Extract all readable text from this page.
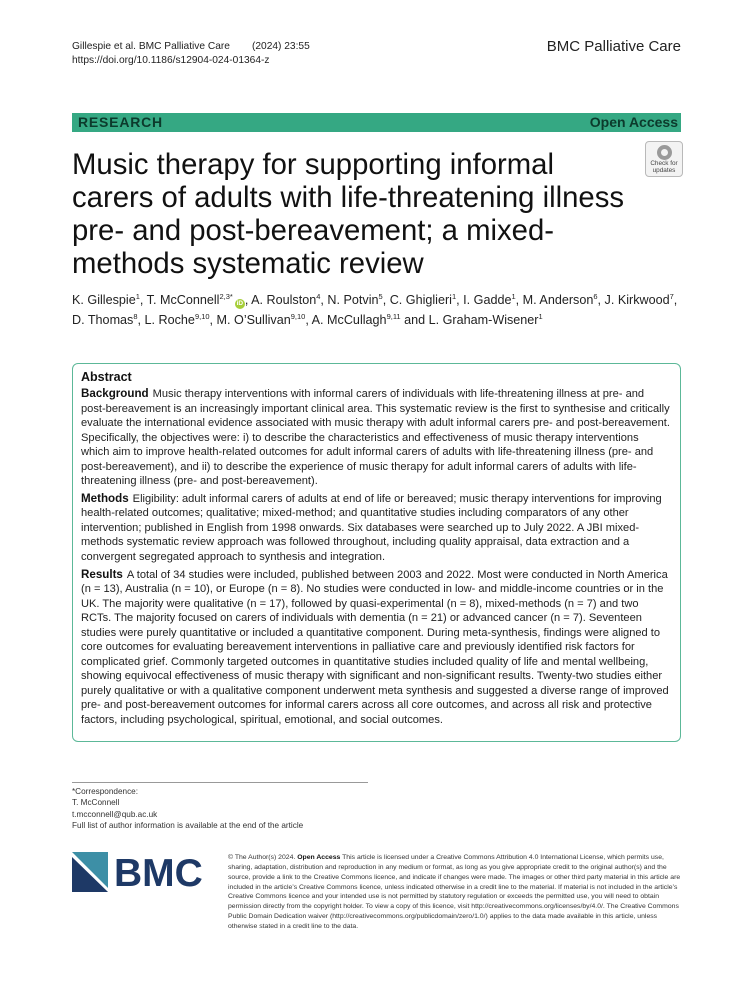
Gillespie et al. BMC Palliative Care (2024) 23:55
https://doi.org/10.1186/s12904-024-01364-z
BMC Palliative Care
RESEARCH	Open Access
Music therapy for supporting informal carers of adults with life-threatening illness pre- and post-bereavement; a mixed-methods systematic review
Check for
updates
K. Gillespie$^1$, T. McConnell$^{2,3*}$iD , A. Roulston$^4$, N. Potvin$^5$, C. Ghiglieri$^1$, I. Gadde$^1$, M. Anderson$^6$, J. Kirkwood$^7$, D. Thomas$^8$, L. Roche$^{9,10}$, M. O’Sullivan$^{9,10}$, A. McCullagh$^{9,11}$ and L. Graham-Wisener$^1$
Abstract

Background Music therapy interventions with informal carers of individuals with life-threatening illness at pre- and post-bereavement is an increasingly important clinical area. This systematic review is the first to synthesise and critically evaluate the international evidence associated with music therapy with adult informal carers pre- and post-bereavement. Specifically, the objectives were: i) to describe the characteristics and effectiveness of music therapy interventions which aim to improve health-related outcomes for adult informal carers of adults with life-threatening illness (pre- and post-bereavement), and ii) to describe the experience of music therapy for adult informal carers of adults with life-threatening illness (pre- and post-bereavement).

Methods Eligibility: adult informal carers of adults at end of life or bereaved; music therapy interventions for improving health-related outcomes; qualitative; mixed-method; and quantitative studies including comparators of any other intervention; published in English from 1998 onwards. Six databases were searched up to July 2022. A JBI mixed-methods systematic review approach was followed throughout, including quality appraisal, data extraction and a convergent segregated approach to synthesis and integration.

Results A total of 34 studies were included, published between 2003 and 2022. Most were conducted in North America (n = 13), Australia (n = 10), or Europe (n = 8). No studies were conducted in low- and middle-income countries or in the UK. The majority were qualitative (n = 17), followed by quasi-experimental (n = 8), mixed-methods (n = 7) and two RCTs. The majority focused on carers of individuals with dementia (n = 21) or advanced cancer (n = 7). Seventeen studies were purely quantitative or included a quantitative component. During meta-synthesis, findings were aligned to core outcomes for evaluating bereavement interventions in palliative care and previously identified risk factors for complicated grief. Commonly targeted outcomes in quantitative studies included quality of life and mental wellbeing, showing equivocal effectiveness of music therapy with significant and non-significant results. Twenty-two studies either purely qualitative or with a qualitative component underwent meta synthesis and suggested a diverse range of improved pre- and post-bereavement outcomes for informal carers across all core outcomes, and across all risk and protective factors, including psychological, spiritual, emotional, and social outcomes.

*Correspondence:
T. McConnell
t.mcconnell@qub.ac.uk
Full list of author information is available at the end of the article
BMC	© The Author(s) 2024. Open Access This article is licensed under a Creative Commons Attribution 4.0 International License, which permits use, sharing, adaptation, distribution and reproduction in any medium or format, as long as you give appropriate credit to the original author(s) and the source, provide a link to the Creative Commons licence, and indicate if changes were made. The images or other third party material in this article are included in the article’s Creative Commons licence, unless indicated otherwise in a credit line to the material. If material is not included in the article’s Creative Commons licence and your intended use is not permitted by statutory regulation or exceeds the permitted use, you will need to obtain permission directly from the copyright holder. To view a copy of this licence, visit http://creativecommons.org/licenses/by/4.0/. The Creative Commons Public Domain Dedication waiver (http://creativecommons.org/publicdomain/zero/1.0/) applies to the data made available in this article, unless otherwise stated in a credit line to the data.
